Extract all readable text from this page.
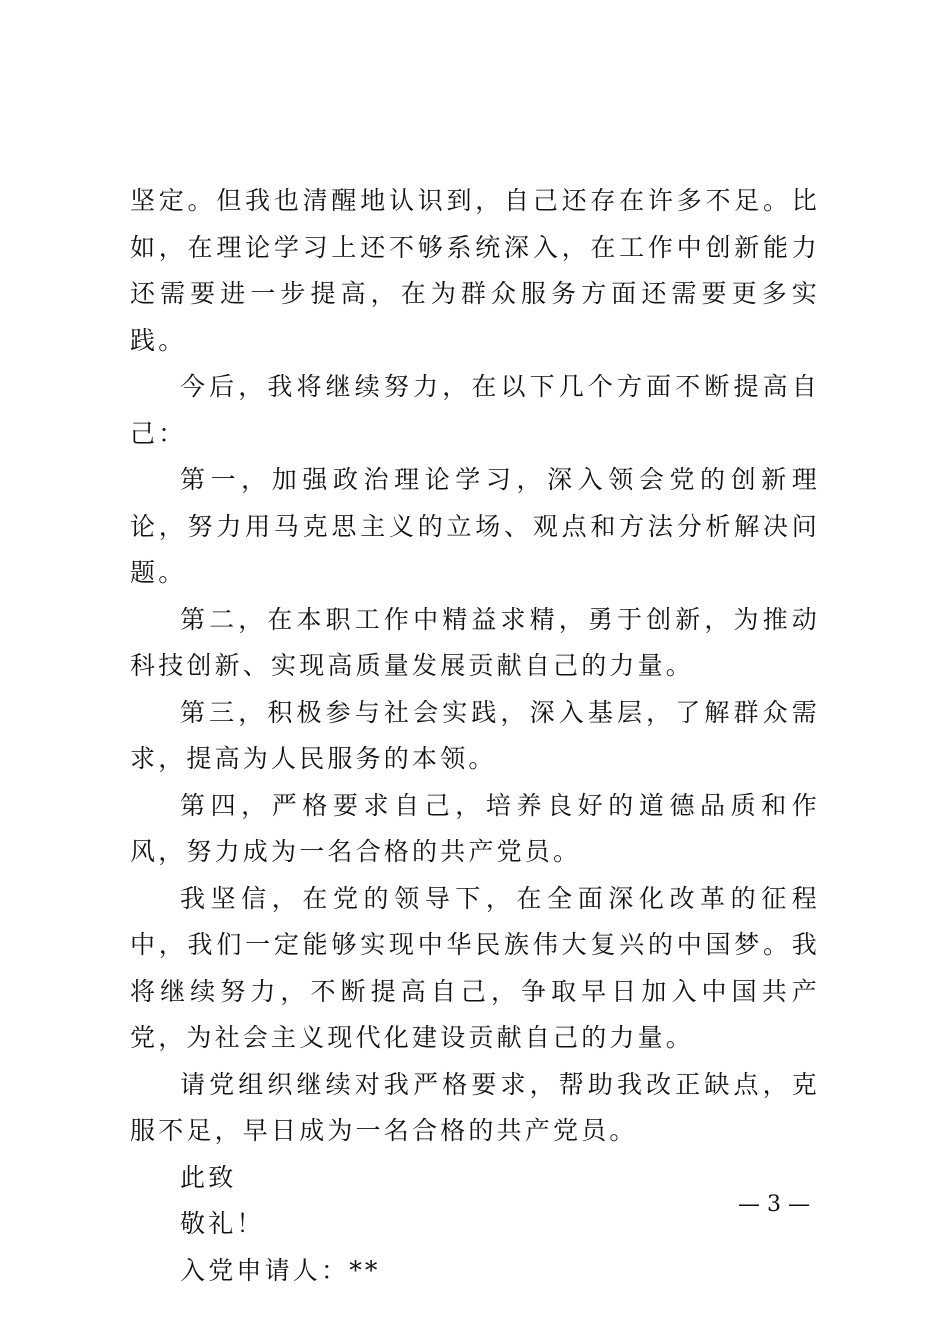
坚定。但我也清醒地认识到，自己还存在许多不足。比如，在理论学习上还不够系统深入，在工作中创新能力还需要进一步提高，在为群众服务方面还需要更多实践。

今后，我将继续努力，在以下几个方面不断提高自己：

第一，加强政治理论学习，深入领会党的创新理论，努力用马克思主义的立场、观点和方法分析解决问题。

第二，在本职工作中精益求精，勇于创新，为推动科技创新、实现高质量发展贡献自己的力量。

第三，积极参与社会实践，深入基层，了解群众需求，提高为人民服务的本领。

第四，严格要求自己，培养良好的道德品质和作风，努力成为一名合格的共产党员。

我坚信，在党的领导下，在全面深化改革的征程中，我们一定能够实现中华民族伟大复兴的中国梦。我将继续努力，不断提高自己，争取早日加入中国共产党，为社会主义现代化建设贡献自己的力量。

请党组织继续对我严格要求，帮助我改正缺点，克服不足，早日成为一名合格的共产党员。

此致

敬礼！

入党申请人：**

— 3 —
